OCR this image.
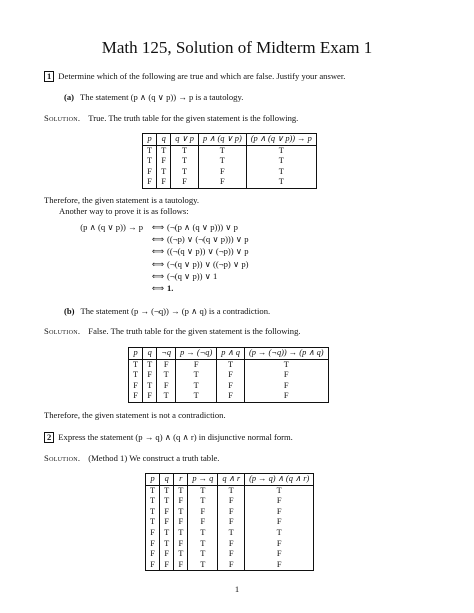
Math 125, Solution of Midterm Exam 1
1 Determine which of the following are true and which are false. Justify your answer.
(a) The statement (p ∧ (q ∨ p)) → p is a tautology.
Solution. True. The truth table for the given statement is the following.
p	q	q ∨ p	p ∧ (q ∨ p)	(p ∧ (q ∨ p)) → p
T	T	T	T	T
T	F	T	T	T
F	T	T	F	T
F	F	F	F	T
Therefore, the given statement is a tautology.
Another way to prove it is as follows:
(p ∧ (q ∨ p)) → p	⟺ (¬(p ∧ (q ∨ p))) ∨ p
⟺ ((¬p) ∨ (¬(q ∨ p))) ∨ p
⟺ ((¬(q ∨ p)) ∨ (¬p)) ∨ p
⟺ (¬(q ∨ p)) ∨ ((¬p) ∨ p)
⟺ (¬(q ∨ p)) ∨ 1
⟺ 1.
(b) The statement (p → (¬q)) → (p ∧ q) is a contradiction.
Solution. False. The truth table for the given statement is the following.
p	q	¬q	p → (¬q)	p ∧ q	(p → (¬q)) → (p ∧ q)
T	T	F	F	T	T
T	F	T	T	F	F
F	T	F	T	F	F
F	F	T	T	F	F
Therefore, the given statement is not a contradiction.
2 Express the statement (p → q) ∧ (q ∧ r) in disjunctive normal form.
Solution. (Method 1) We construct a truth table.
p	q	r	p → q	q ∧ r	(p → q) ∧ (q ∧ r)
T	T	T	T	T	T
T	T	F	T	F	F
T	F	T	F	F	F
T	F	F	F	F	F
F	T	T	T	T	T
F	T	F	T	F	F
F	F	T	T	F	F
F	F	F	T	F	F
1
